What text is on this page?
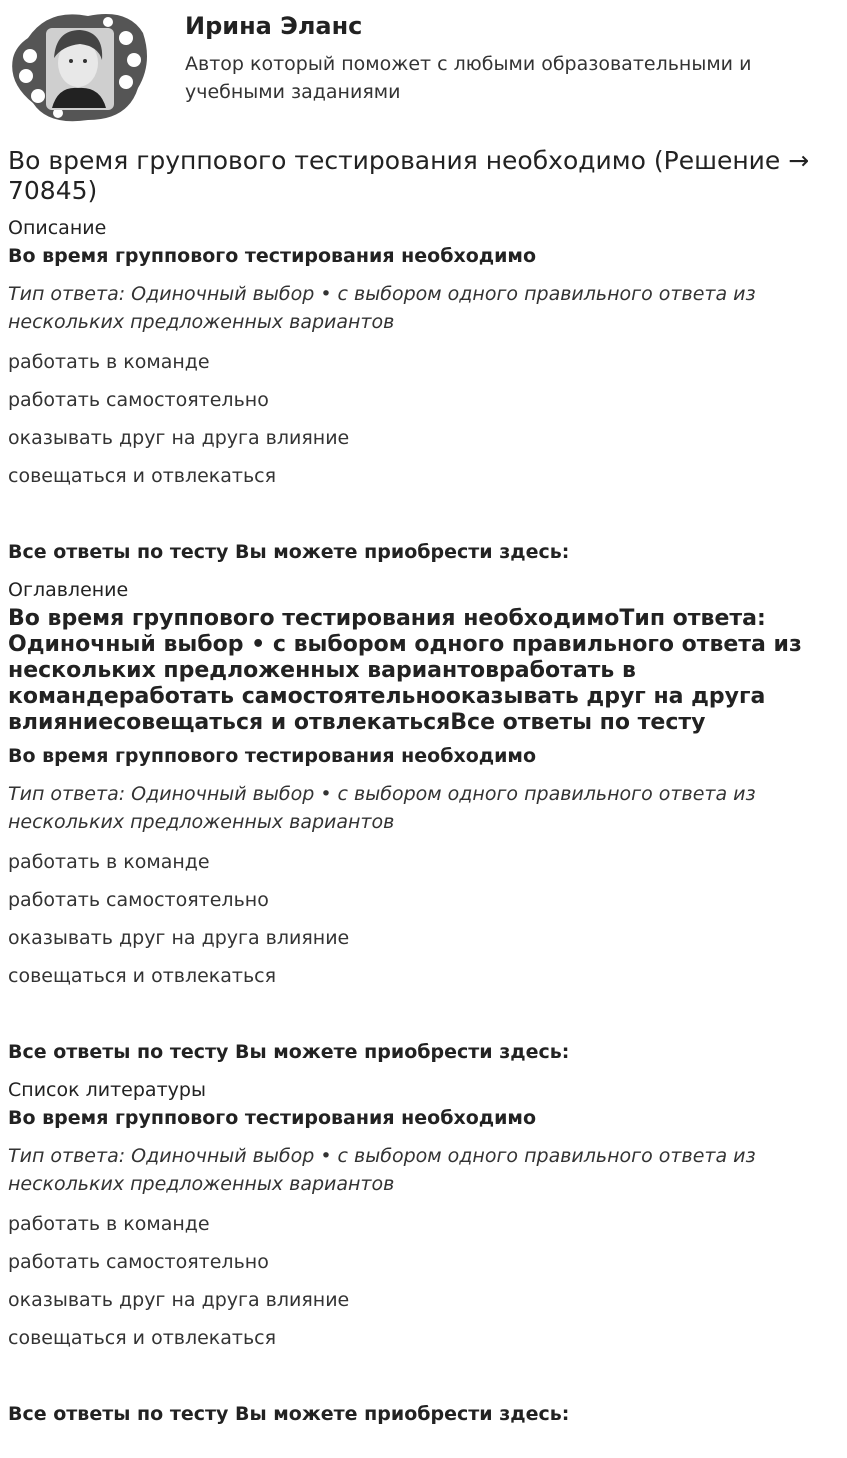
Ирина Эланс
Автор который поможет с любыми образовательными и учебными заданиями
Во время группового тестирования необходимо (Решение → 70845)
Описание
Во время группового тестирования необходимо
Тип ответа: Одиночный выбор • с выбором одного правильного ответа из нескольких предложенных вариантов
работать в команде
работать самостоятельно
оказывать друг на друга влияние
совещаться и отвлекаться
Все ответы по тесту Вы можете приобрести здесь:
Оглавление
Во время группового тестирования необходимоТип ответа: Одиночный выбор • с выбором одного правильного ответа из нескольких предложенных вариантовработать в командеработать самостоятельнооказывать друг на друга влияниесовещаться и отвлекатьсяВсе ответы по тесту
Во время группового тестирования необходимо
Тип ответа: Одиночный выбор • с выбором одного правильного ответа из нескольких предложенных вариантов
работать в команде
работать самостоятельно
оказывать друг на друга влияние
совещаться и отвлекаться
Все ответы по тесту Вы можете приобрести здесь:
Список литературы
Во время группового тестирования необходимо
Тип ответа: Одиночный выбор • с выбором одного правильного ответа из нескольких предложенных вариантов
работать в команде
работать самостоятельно
оказывать друг на друга влияние
совещаться и отвлекаться
Все ответы по тесту Вы можете приобрести здесь:
